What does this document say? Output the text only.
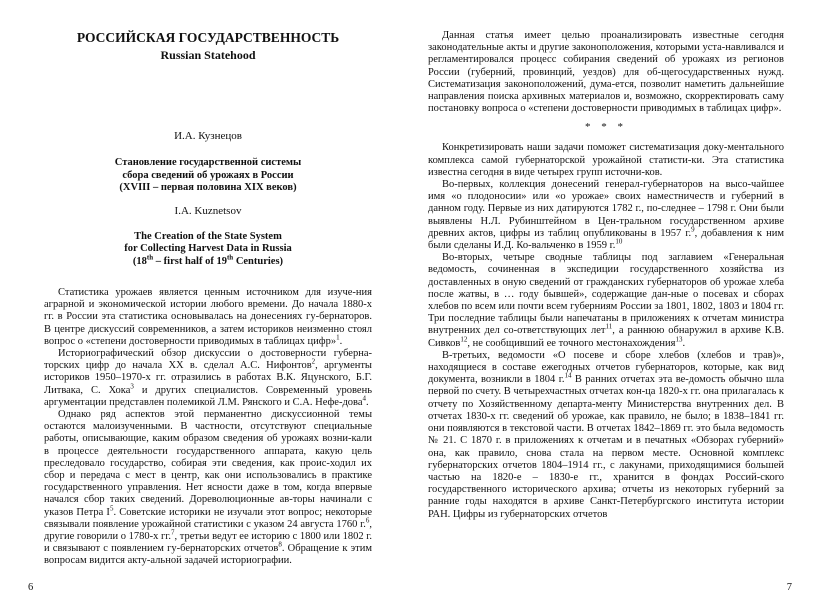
РОССИЙСКАЯ ГОСУДАРСТВЕННОСТЬ

Russian Statehood

И.А. Кузнецов

Становление государственной системы

сбора сведений об урожаях в России

(XVIII – первая половина XIX веков)

I.A. Kuznetsov

The Creation of the State System

for Collecting Harvest Data in Russia

(18th – first half of 19th Centuries)

Статистика урожаев является ценным источником для изуче-ния аграрной и экономической истории любого времени. До начала 1880-х гг. в России эта статистика основывалась на донесениях гу-бернаторов. В центре дискуссий современников, а затем историков неизменно стоял вопрос о «степени достоверности приводимых в таблицах цифр»$^1$.

Историографический обзор дискуссии о достоверности губерна-торских цифр до начала XX в. сделал А.С. Нифонтов$^2$, аргументы историков 1950–1970-х гг. отразились в работах В.К. Яцунского, Б.Г. Литвака, С. Хока$^3$ и других специалистов. Современный уровень аргументации представлен полемикой Л.М. Рянского и С.А. Нефе-дова$^4$.

Однако ряд аспектов этой перманентно дискуссионной темы остаются малоизученными. В частности, отсутствуют специальные работы, описывающие, каким образом сведения об урожаях возни-кали в процессе деятельности государственного аппарата, какую цель преследовало государство, собирая эти сведения, как проис-ходил их сбор и передача с мест в центр, как они использовались в практике государственного управления. Нет ясности даже в том, когда впервые начался сбор таких сведений. Дореволюционные ав-торы начинали с указов Петра $I^5$. Советские историки не изучали этот вопрос; некоторые связывали появление урожайной статистики с указом 24 августа 1760 г.$^6$, другие говорили о 1780-х гг.$^7$, третьи ведут ее историю с 1800 или 1802 г. и связывают с появлением гу-бернаторских отчетов$^8$. Обращение к этим вопросам видится акту-альной задачей историографии.

6

Данная статья имеет целью проанализировать известные сегодня законодательные акты и другие законоположения, которыми уста-навливался и регламентировался процесс собирания сведений об урожаях из регионов России (губерний, провинций, уездов) для об-щегосударственных нужд. Систематизация законоположений, дума-ется, позволит наметить дальнейшие направления поиска архивных материалов и, возможно, скорректировать саму постановку вопроса о «степени достоверности приводимых в таблицах цифр».

* * *

Конкретизировать наши задачи поможет систематизация доку-ментального комплекса самой губернаторской урожайной статисти-ки. Эта статистика известна сегодня в виде четырех групп источни-ков.

Во-первых, коллекция донесений генерал-губернаторов на высо-чайшее имя «о плодоносии» или «о урожае» своих наместничеств и губерний в данном году. Первые из них датируются 1782 г., по-следнее – 1798 г. Они были выявлены Н.Л. Рубинштейном в Цен-тральном государственном архиве древних актов, цифры из таблиц опубликованы в 1957 г.$^9$, добавления к ним были сделаны И.Д. Ко-вальченко в 1959 г.$^{10}$

Во-вторых, четыре сводные таблицы под заглавием «Генеральная ведомость, сочиненная в экспедиции государственного хозяйства из доставленных в оную сведений от гражданских губернаторов об урожае хлеба после жатвы, в … году бывшей», содержащие дан-ные о посевах и сборах хлебов по всем или почти всем губерниям России за 1801, 1802, 1803 и 1804 гг. Три последние таблицы были напечатаны в приложениях к отчетам министра внутренних дел со-ответствующих лет$^{11}$, а раннюю обнаружил в архиве К.В. Сивков$^{12}$, не сообщивший ее точного местонахождения$^{13}$.

В-третьих, ведомости «О посеве и сборе хлебов (хлебов и трав)», находящиеся в составе ежегодных отчетов губернаторов, которые, как вид документа, возникли в 1804 г.$^{14}$ В ранних отчетах эта ве-домость обычно шла первой по счету. В четырехчастных отчетах кон-ца 1820-х гг. она прилагалась к отчету по Хозяйственному департа-менту Министерства внутренних дел. В отчетах 1830-х гг. сведений об урожае, как правило, не было; в 1838–1841 гг. они появляются в текстовой части. В отчетах 1842–1869 гг. это была ведомость № 21. С 1870 г. в приложениях к отчетам и в печатных «Обзорах губерний» она, как правило, снова стала на первом месте. Основной комплекс губернаторских отчетов 1804–1914 гг., с лакунами, приходящимися большей частью на 1820-е – 1830-е гг., хранится в фондах Россий-ского государственного исторического архива; отчеты из некоторых губерний за ранние годы находятся в архиве Санкт-Петербургского института истории РАН. Цифры из губернаторских отчетов

7
